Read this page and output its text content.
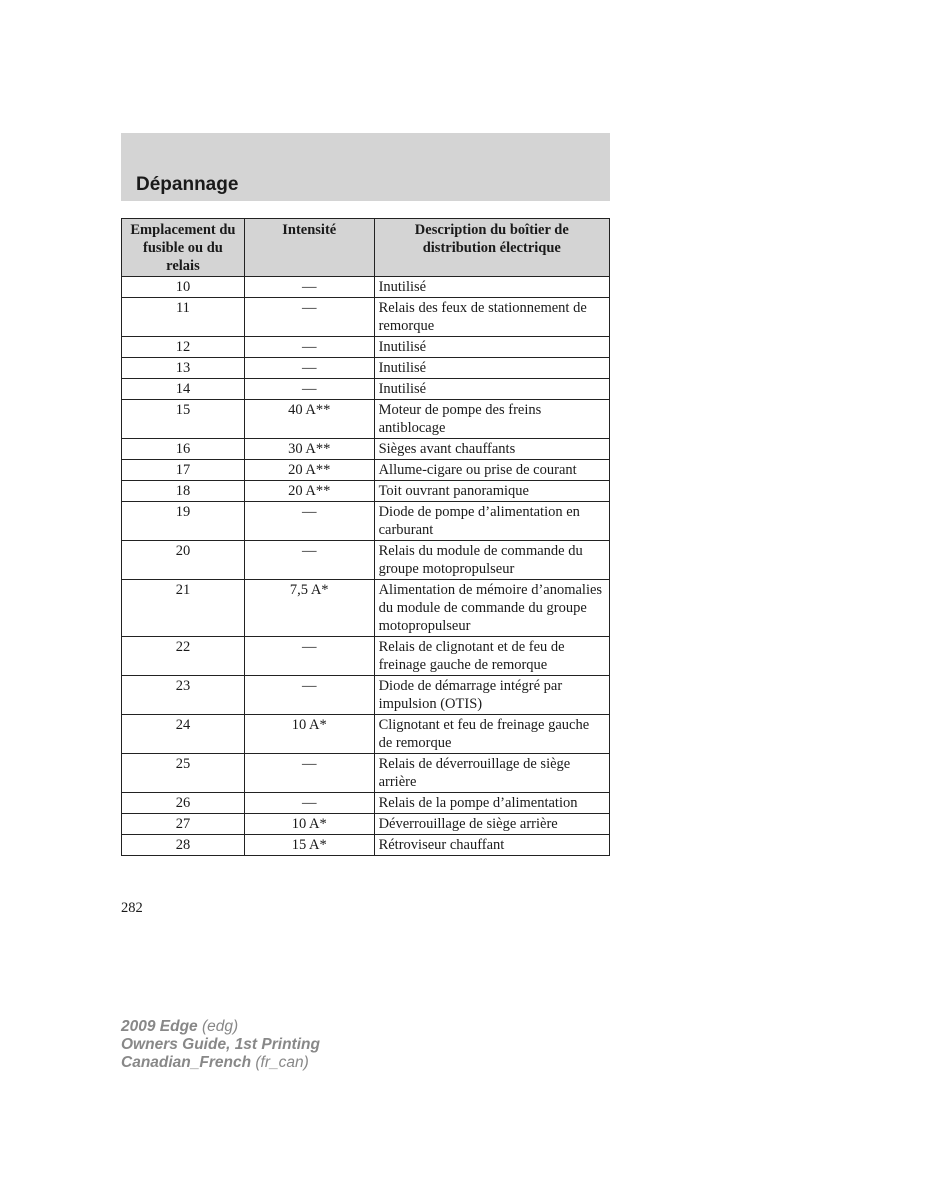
Dépannage
Emplacement du fusible ou du relais	Intensité	Description du boîtier de distribution électrique
10	—	Inutilisé
11	—	Relais des feux de stationnement de remorque
12	—	Inutilisé
13	—	Inutilisé
14	—	Inutilisé
15	40 A**	Moteur de pompe des freins antiblocage
16	30 A**	Sièges avant chauffants
17	20 A**	Allume-cigare ou prise de courant
18	20 A**	Toit ouvrant panoramique
19	—	Diode de pompe d’alimentation en carburant
20	—	Relais du module de commande du groupe motopropulseur
21	7,5 A*	Alimentation de mémoire d’anomalies du module de commande du groupe motopropulseur
22	—	Relais de clignotant et de feu de freinage gauche de remorque
23	—	Diode de démarrage intégré par impulsion (OTIS)
24	10 A*	Clignotant et feu de freinage gauche de remorque
25	—	Relais de déverrouillage de siège arrière
26	—	Relais de la pompe d’alimentation
27	10 A*	Déverrouillage de siège arrière
28	15 A*	Rétroviseur chauffant
282
2009 Edge (edg)
Owners Guide, 1st Printing
Canadian_French (fr_can)
